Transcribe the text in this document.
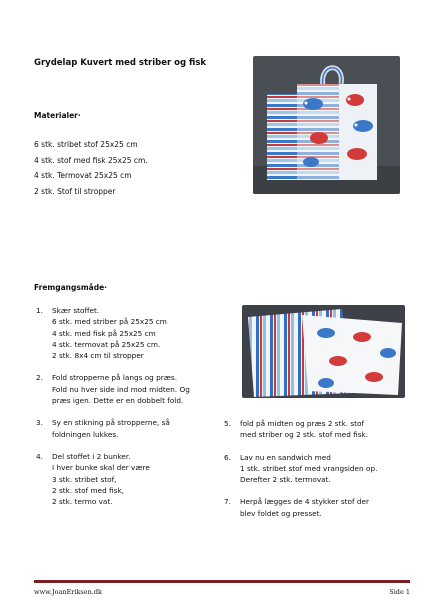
Grydelap Kuvert med striber og fisk
Materialer·
6 stk. stribet stof 25x25 cm
4 stk. stof med fisk 25x25 cm.
4 stk. Termovat 25x25 cm
2 stk. Stof til stropper
Fremgangsmåde·
1. Skær stoffet.
6 stk. med striber på 25x25 cm
4 stk. med fisk på 25x25 cm
4 stk. termovat på 25x25 cm.
2 stk. 8x4 cm til stropper
2. Fold stropperne på langs og præs.
Fold nu hver side ind mod midten. Og
præs igen. Dette er en dobbelt fold.
3. Sy en stikning på stropperne, så
foldningen lukkes.
4. Del stoffet i 2 bunker.
I hver bunke skal der være
3 stk. stribet stof,
2 stk. stof med fisk,
2 stk. termo vat.
5. fold på midten og præs 2 stk. stof
med striber og 2 stk. stof med fisk.
6. Lav nu en sandwich med
1 stk. stribet stof med vrangsiden op.
Derefter 2 stk. termovat.
7. Herpå lægges de 4 stykker stof der
blev foldet og presset.
www.JoanEriksen.dk	Side 1
